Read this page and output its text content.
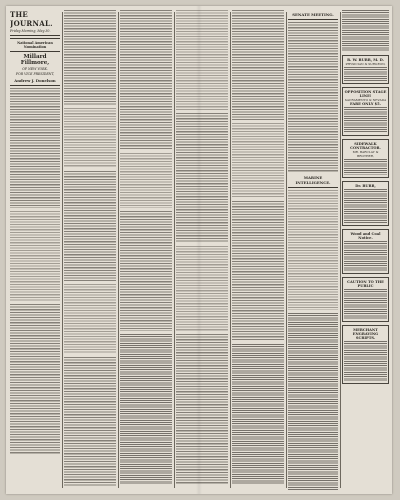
THE JOURNAL.
Friday Morning, May 30.
National American Nomination
Millard Fillmore,
OF NEW YORK.
FOR VICE PRESIDENT,
Andrew J. Donelson
SENATE MEETING.
MARINE INTELLIGENCE.
R. W. BURR, M. D.
PHYSICIAN & SURGEON,
OPPOSITION STAGE LINE!
SACRAMENTO & NEVADA
FARE ONLY $5.
SIDEWALK CONTRACTOR.
MR. BARCLAY & BROTHER,
Dr. BURR,
Wood and Coal Notice.
CAUTION TO THE PUBLIC
MERCHANT ENGRAVING SCRIPTS.
